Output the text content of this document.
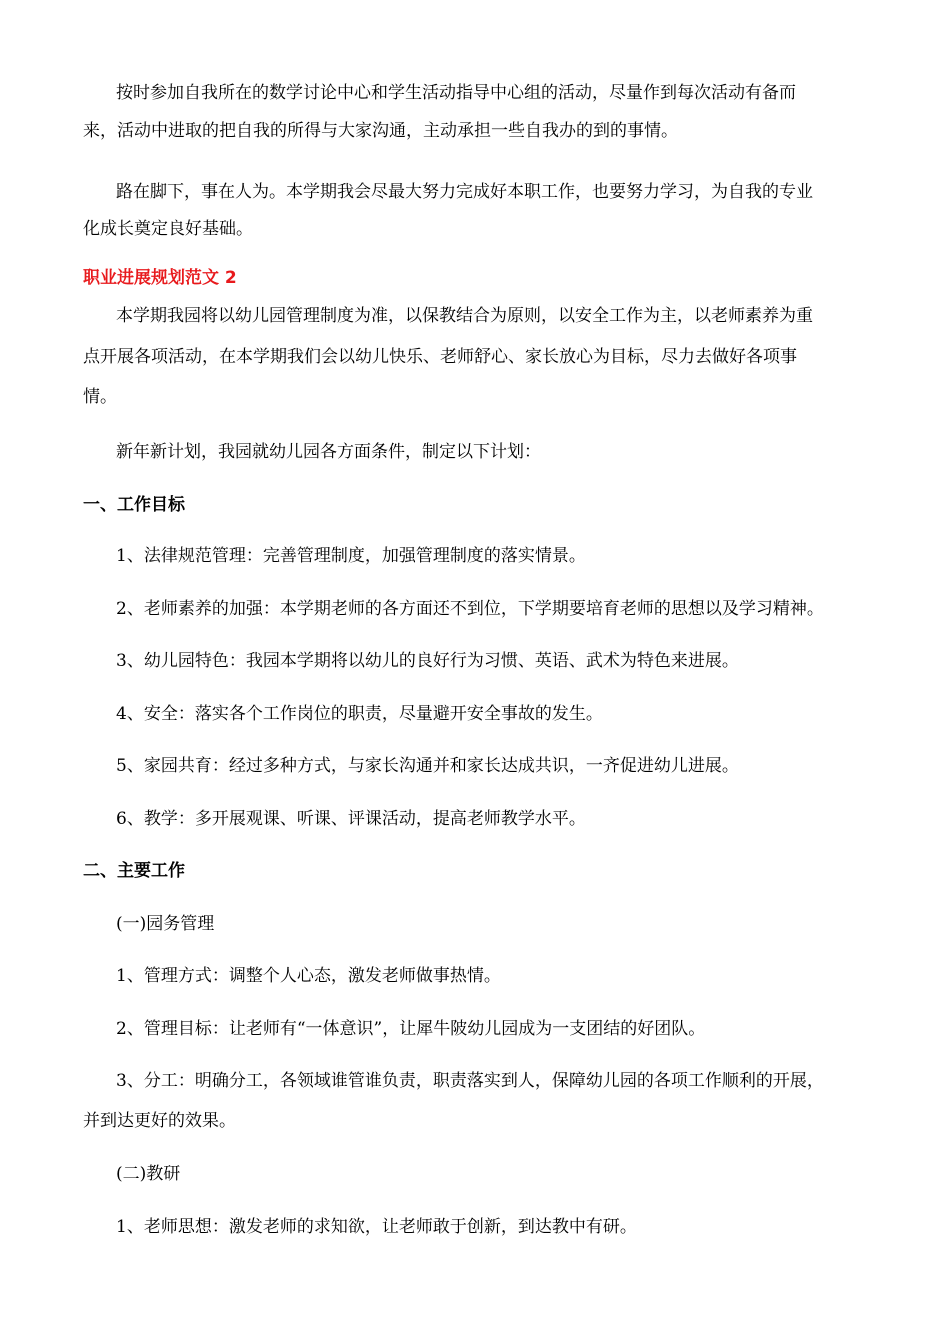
按时参加自我所在的数学讨论中心和学生活动指导中心组的活动，尽量作到每次活动有备而

来，活动中进取的把自我的所得与大家沟通，主动承担一些自我办的到的事情。

路在脚下，事在人为。本学期我会尽最大努力完成好本职工作，也要努力学习，为自我的专业

化成长奠定良好基础。

职业进展规划范文 2

本学期我园将以幼儿园管理制度为准，以保教结合为原则，以安全工作为主，以老师素养为重

点开展各项活动，在本学期我们会以幼儿快乐、老师舒心、家长放心为目标，尽力去做好各项事

情。

新年新计划，我园就幼儿园各方面条件，制定以下计划：

一、工作目标

1、法律规范管理：完善管理制度，加强管理制度的落实情景。

2、老师素养的加强：本学期老师的各方面还不到位，下学期要培育老师的思想以及学习精神。

3、幼儿园特色：我园本学期将以幼儿的良好行为习惯、英语、武术为特色来进展。

4、安全：落实各个工作岗位的职责，尽量避开安全事故的发生。

5、家园共育：经过多种方式，与家长沟通并和家长达成共识，一齐促进幼儿进展。

6、教学：多开展观课、听课、评课活动，提高老师教学水平。

二、主要工作

(一)园务管理

1、管理方式：调整个人心态，激发老师做事热情。

2、管理目标：让老师有“一体意识”，让犀牛陂幼儿园成为一支团结的好团队。

3、分工：明确分工，各领域谁管谁负责，职责落实到人，保障幼儿园的各项工作顺利的开展，

并到达更好的效果。

(二)教研

1、老师思想：激发老师的求知欲，让老师敢于创新，到达教中有研。
